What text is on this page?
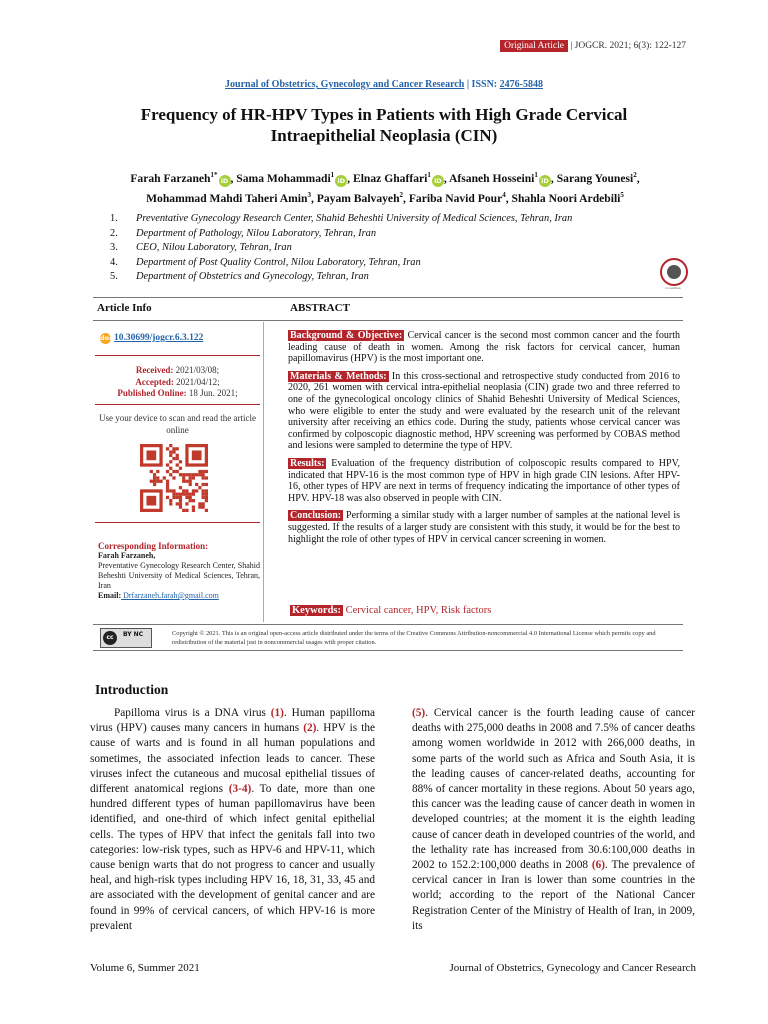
Original Article | JOGCR. 2021; 6(3): 122-127
Journal of Obstetrics, Gynecology and Cancer Research | ISSN: 2476-5848
Frequency of HR-HPV Types in Patients with High Grade Cervical
Intraepithelial Neoplasia (CIN)
Farah Farzaneh$^{1*}$iD , Sama Mohammadi$^1$iD , Elnaz Ghaffari$^1$iD , Afsaneh Hosseini$^1$iD , Sarang Younesi$^2$,
Mohammad Mahdi Taheri Amin$^3$, Payam Balvayeh$^2$, Fariba Navid Pour$^4$, Shahla Noori Ardebili$^5$
1.	Preventative Gynecology Research Center, Shahid Beheshti University of Medical Sciences, Tehran, Iran
2.	Department of Pathology, Nilou Laboratory, Tehran, Iran
3.	CEO, Nilou Laboratory, Tehran, Iran
4.	Department of Post Quality Control, Nilou Laboratory, Tehran, Iran
5.	Department of Obstetrics and Gynecology, Tehran, Iran
CrossMark
Article Info	ABSTRACT
doi 10.30699/jogcr.6.3.122
Received: 2021/03/08;
Accepted: 2021/04/12;
Published Online: 18 Jun. 2021;
Use your device to scan and read the article online
Corresponding Information:
Farah Farzaneh,
Preventative Gynecology Research Center, Shahid Beheshti University of Medical Sciences, Tehran, Iran
Email: Drfarzaneh.farah@gmail.com

Background & Objective: Cervical cancer is the second most common cancer and the fourth leading cause of death in women. Among the risk factors for cervical cancer, human papillomavirus (HPV) is the most important one.

Materials & Methods: In this cross-sectional and retrospective study conducted from 2016 to 2020, 261 women with cervical intra-epithelial neoplasia (CIN) grade two and three referred to one of the gynecological oncology clinics of Shahid Beheshti University of Medical Sciences, who were eligible to enter the study and were evaluated by the research unit of the relevant university after receiving an ethics code. During the study, patients whose cervical cancer was confirmed by colposcopic diagnostic method, HPV screening was performed by COBAS method and lesions were sampled to determine the type of HPV.

Results: Evaluation of the frequency distribution of colposcopic results compared to HPV, indicated that HPV-16 is the most common type of HPV in high grade CIN lesions. After HPV-16, other types of HPV are next in terms of frequency indicating the importance of other types of HPV. HPV-18 was also observed in people with CIN.

Conclusion: Performing a similar study with a larger number of samples at the national level is suggested. If the results of a larger study are consistent with this study, it would be for the best to highlight the role of other types of HPV in cervical cancer screening in women.

Keywords: Cervical cancer, HPV, Risk factors
cc	BY NC	Copyright © 2021. This is an original open-access article distributed under the terms of the Creative Commons Attribution-noncommercial 4.0 International License which permits copy and redistribution of the material just in noncommercial usages with proper citation.
Introduction
Papilloma virus is a DNA virus (1). Human papilloma virus (HPV) causes many cancers in humans (2). HPV is the cause of warts and is found in all human populations and sometimes, the associated infection leads to cancer. These viruses infect the cutaneous and mucosal epithelial tissues of different anatomical regions (3-4). To date, more than one hundred different types of human papillomavirus have been identified, and one-third of which infect genital epithelial cells. The types of HPV that infect the genitals fall into two categories: low-risk types, such as HPV-6 and HPV-11, which cause benign warts that do not progress to cancer and usually heal, and high-risk types including HPV 16, 18, 31, 33, 45 and are associated with the development of genital cancer and are found in 99% of cervical cancers, of which HPV-16 is more prevalent
(5). Cervical cancer is the fourth leading cause of cancer deaths with 275,000 deaths in 2008 and 7.5% of cancer deaths among women worldwide in 2012 with 266,000 deaths, in some parts of the world such as Africa and South Asia, it is the leading causes of cancer-related deaths, accounting for 88% of cancer mortality in these regions. About 50 years ago, this cancer was the leading cause of cancer death in women in developed countries; at the moment it is the eighth leading cause of cancer death in developed countries of the world, and the lethality rate has increased from 30.6:100,000 deaths in 2002 to 152.2:100,000 deaths in 2008 (6). The prevalence of cervical cancer in Iran is lower than some countries in the world; according to the report of the National Cancer Registration Center of the Ministry of Health of Iran, in 2009, its
Volume 6, Summer 2021	Journal of Obstetrics, Gynecology and Cancer Research
